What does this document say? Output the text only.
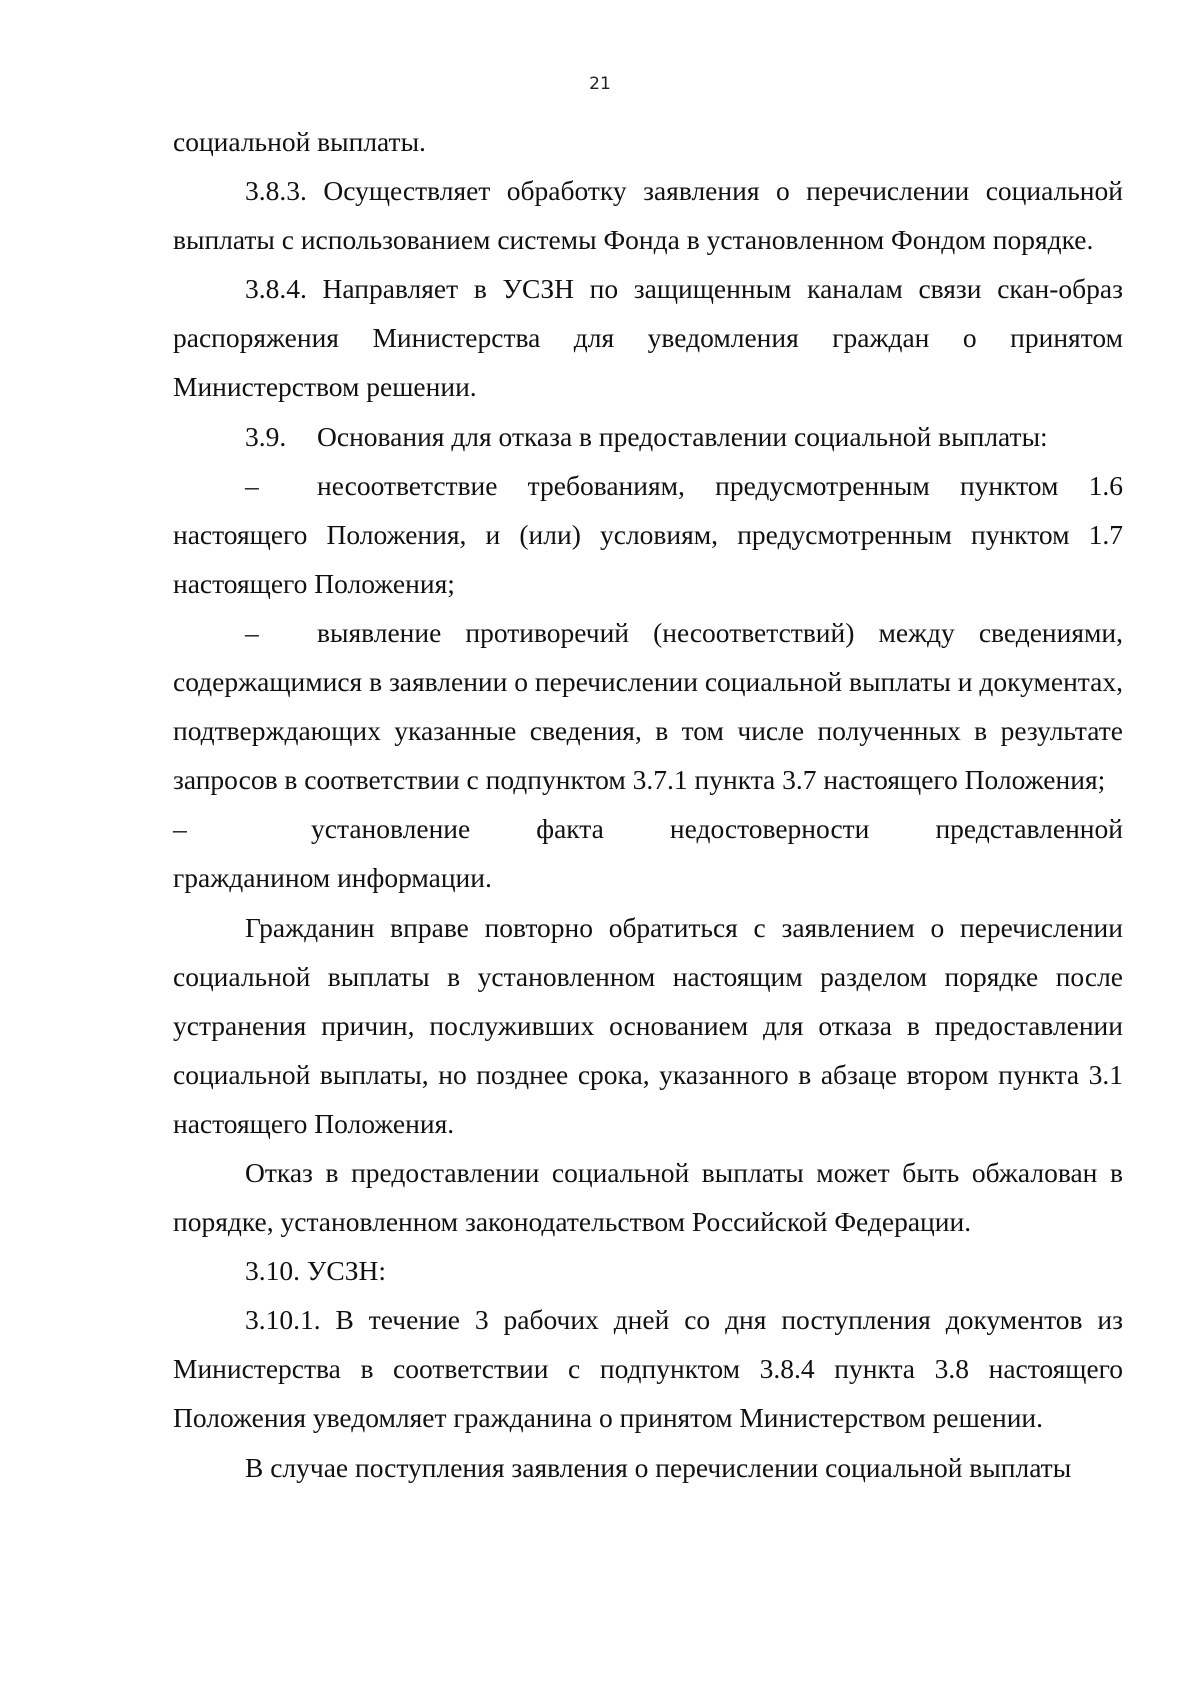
21

социальной выплаты.

3.8.3. Осуществляет обработку заявления о перечислении социальной выплаты с использованием системы Фонда в установленном Фондом порядке.

3.8.4. Направляет в УСЗН по защищенным каналам связи скан-образ распоряжения Министерства для уведомления граждан о принятом Министерством решении.

3.9. Основания для отказа в предоставлении социальной выплаты:

– несоответствие требованиям, предусмотренным пунктом 1.6 настоящего Положения, и (или) условиям, предусмотренным пунктом 1.7 настоящего Положения;

– выявление противоречий (несоответствий) между сведениями, содержащимися в заявлении о перечислении социальной выплаты и документах, подтверждающих указанные сведения, в том числе полученных в результате запросов в соответствии с подпунктом 3.7.1 пункта 3.7 настоящего Положения;

–	установление факта недостоверности представленной

гражданином информации.

Гражданин вправе повторно обратиться с заявлением о перечислении социальной выплаты в установленном настоящим разделом порядке после устранения причин, послуживших основанием для отказа в предоставлении социальной выплаты, но позднее срока, указанного в абзаце втором пункта 3.1 настоящего Положения.

Отказ в предоставлении социальной выплаты может быть обжалован в порядке, установленном законодательством Российской Федерации.

3.10. УСЗН:

3.10.1. В течение 3 рабочих дней со дня поступления документов из Министерства в соответствии с подпунктом 3.8.4 пункта 3.8 настоящего Положения уведомляет гражданина о принятом Министерством решении.

В случае поступления заявления о перечислении социальной выплаты
